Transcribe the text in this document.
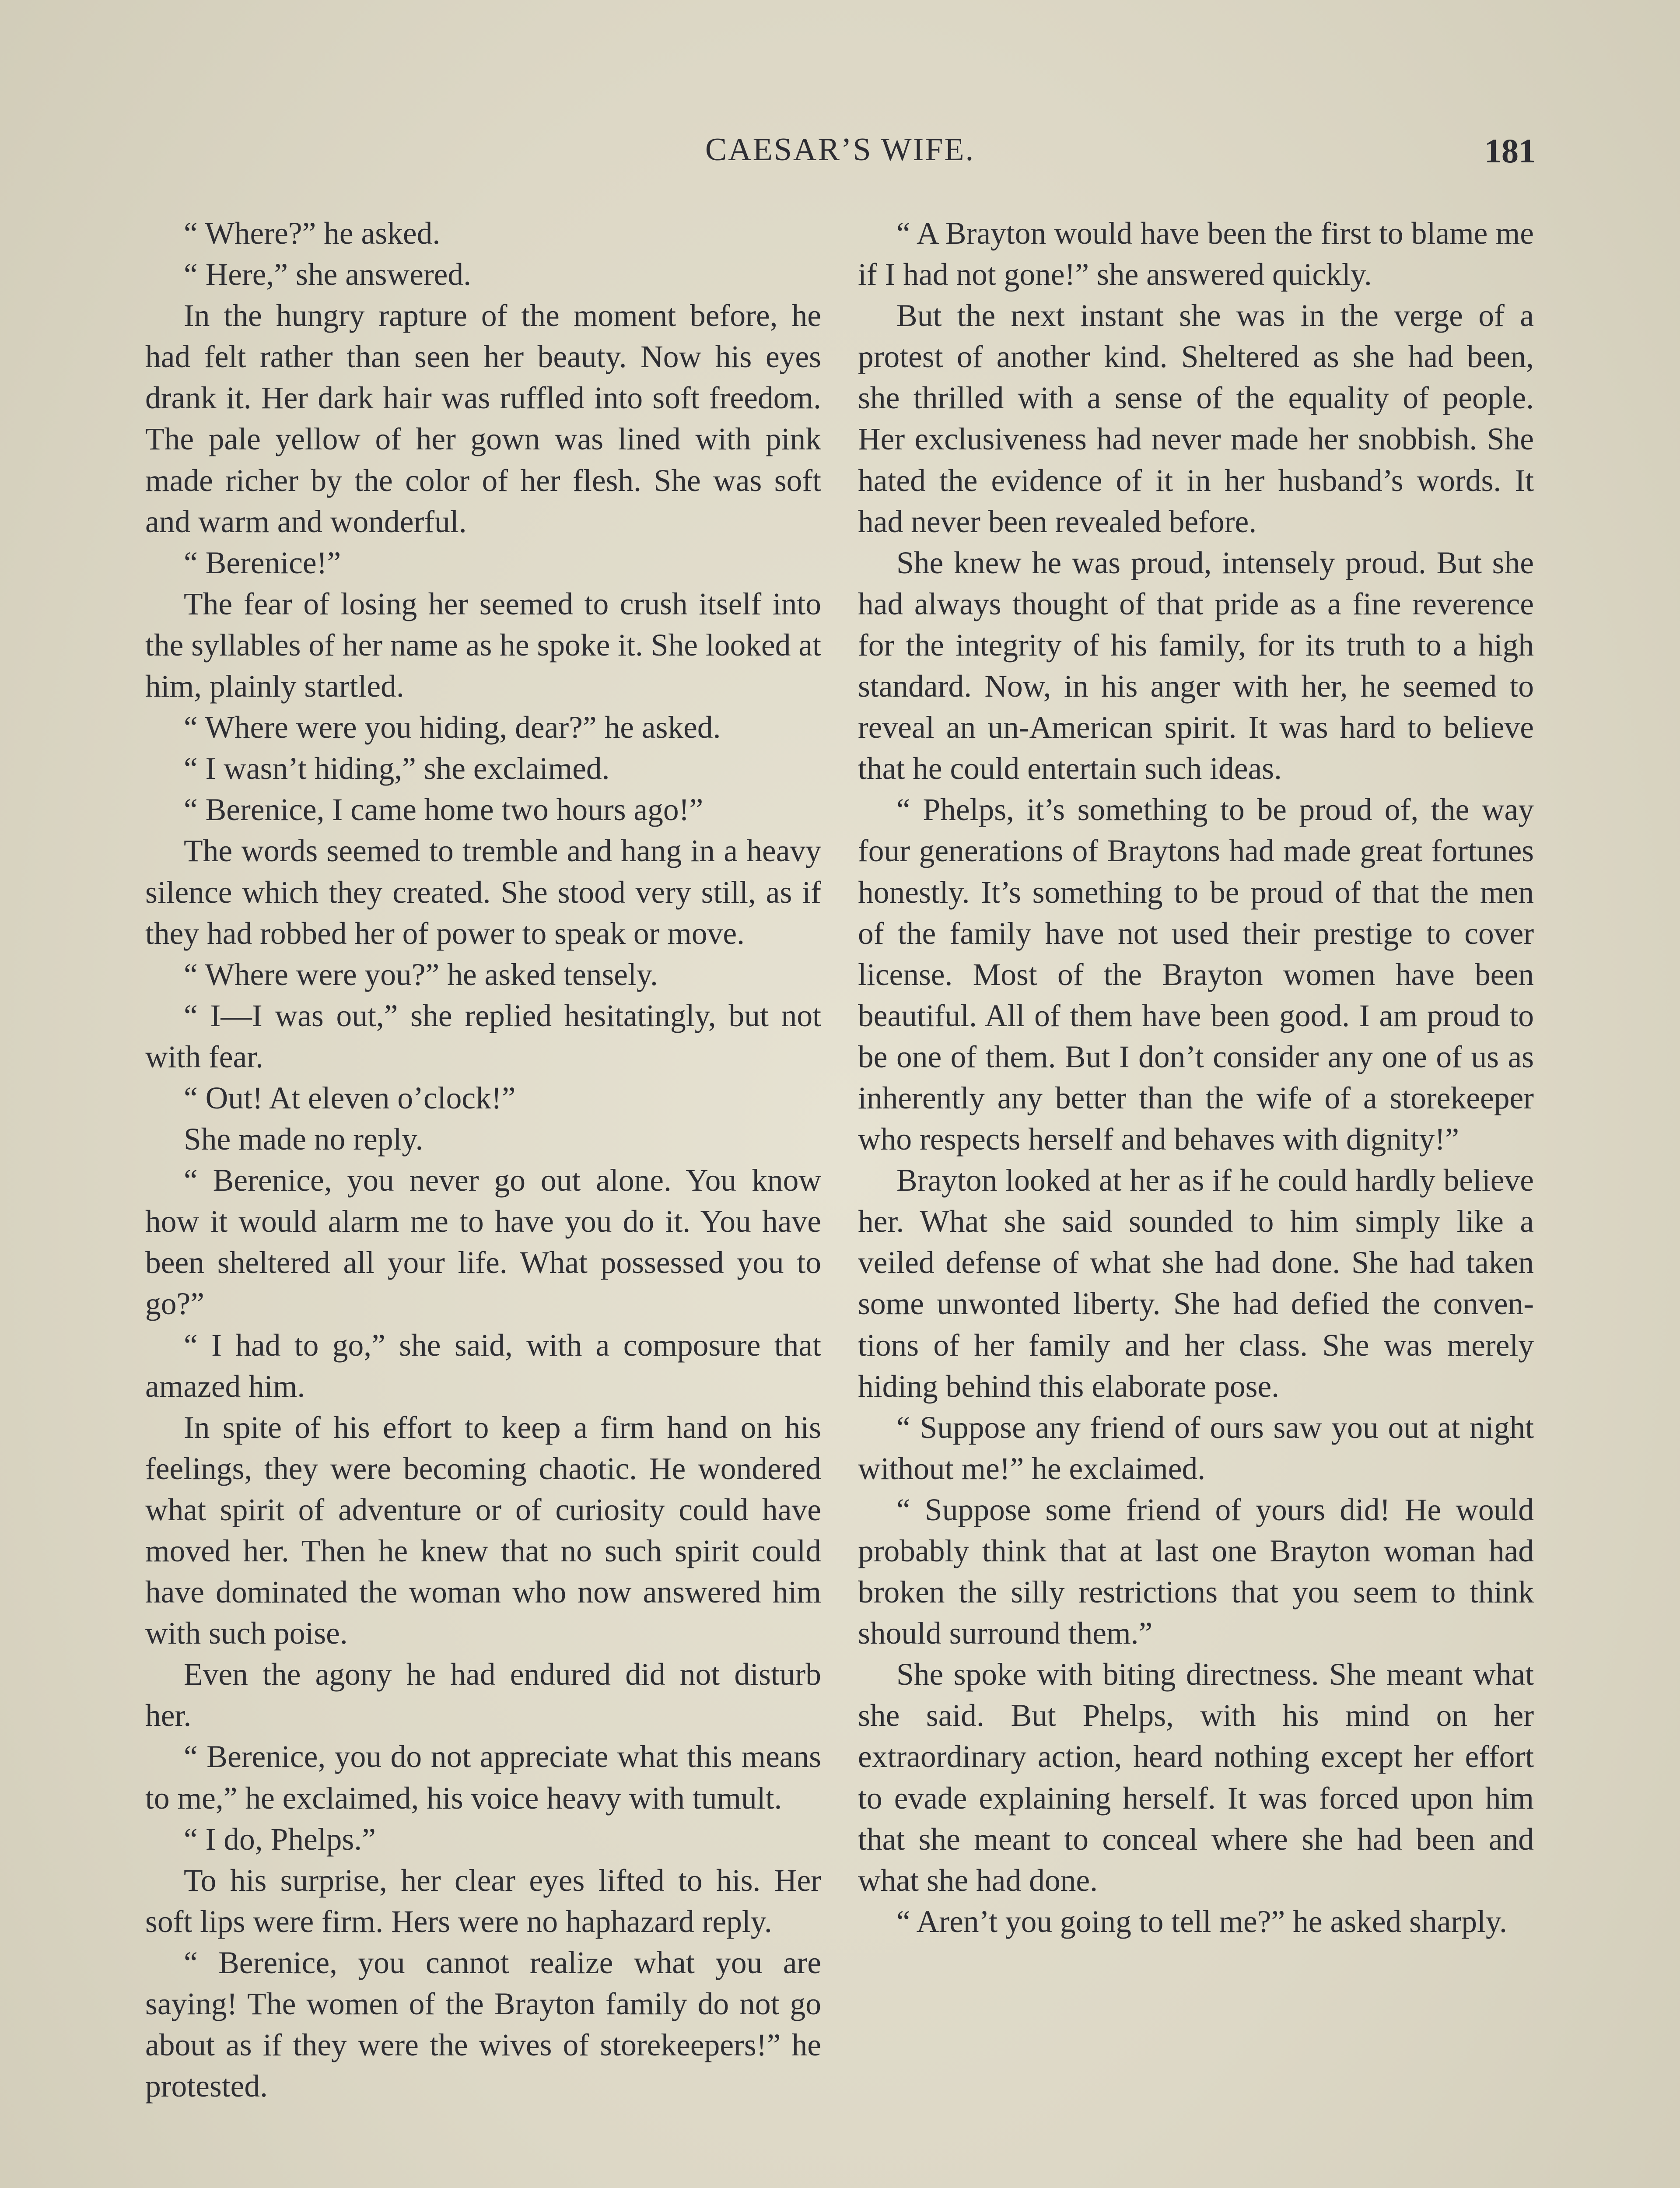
CAESAR’S WIFE.	181

“ Where?” he asked.

“ Here,” she answered.

In the hungry rapture of the moment before, he had felt rather than seen her beauty. Now his eyes drank it. Her dark hair was ruffled into soft freedom. The pale yellow of her gown was lined with pink made richer by the color of her flesh. She was soft and warm and wonderful.

“ Berenice!”

The fear of losing her seemed to crush itself into the syllables of her name as he spoke it. She looked at him, plainly startled.

“ Where were you hiding, dear?” he asked.

“ I wasn’t hiding,” she exclaimed.

“ Berenice, I came home two hours ago!”

The words seemed to tremble and hang in a heavy silence which they created. She stood very still, as if they had robbed her of power to speak or move.

“ Where were you?” he asked tensely.

“ I—I was out,” she replied hesitatingly, but not with fear.

“ Out! At eleven o’clock!”

She made no reply.

“ Berenice, you never go out alone. You know how it would alarm me to have you do it. You have been sheltered all your life. What possessed you to go?”

“ I had to go,” she said, with a composure that amazed him.

In spite of his effort to keep a firm hand on his feelings, they were becoming chaotic. He wondered what spirit of adventure or of curiosity could have moved her. Then he knew that no such spirit could have dominated the woman who now answered him with such poise.

Even the agony he had endured did not disturb her.

“ Berenice, you do not appreciate what this means to me,” he exclaimed, his voice heavy with tumult.

“ I do, Phelps.”

To his surprise, her clear eyes lifted to his. Her soft lips were firm. Hers were no haphazard reply.

“ Berenice, you cannot realize what you are saying! The women of the Brayton family do not go about as if they were the wives of storekeepers!” he protested.

“ A Brayton would have been the first to blame me if I had not gone!” she answered quickly.

But the next instant she was in the verge of a protest of another kind. Sheltered as she had been, she thrilled with a sense of the equality of people. Her exclusiveness had never made her snobbish. She hated the evidence of it in her husband’s words. It had never been revealed before.

She knew he was proud, intensely proud. But she had always thought of that pride as a fine reverence for the integrity of his family, for its truth to a high standard. Now, in his anger with her, he seemed to reveal an un-American spirit. It was hard to believe that he could entertain such ideas.

“ Phelps, it’s something to be proud of, the way four generations of Braytons had made great fortunes honestly. It’s something to be proud of that the men of the family have not used their prestige to cover license. Most of the Brayton women have been beautiful. All of them have been good. I am proud to be one of them. But I don’t consider any one of us as inherently any better than the wife of a storekeeper who respects herself and behaves with dignity!”

Brayton looked at her as if he could hardly believe her. What she said sounded to him simply like a veiled defense of what she had done. She had taken some unwonted liberty. She had defied the conventions of her family and her class. She was merely hiding behind this elaborate pose.

“ Suppose any friend of ours saw you out at night without me!” he exclaimed.

“ Suppose some friend of yours did! He would probably think that at last one Brayton woman had broken the silly restrictions that you seem to think should surround them.”

She spoke with biting directness. She meant what she said. But Phelps, with his mind on her extraordinary action, heard nothing except her effort to evade explaining herself. It was forced upon him that she meant to conceal where she had been and what she had done.

“ Aren’t you going to tell me?” he asked sharply.
